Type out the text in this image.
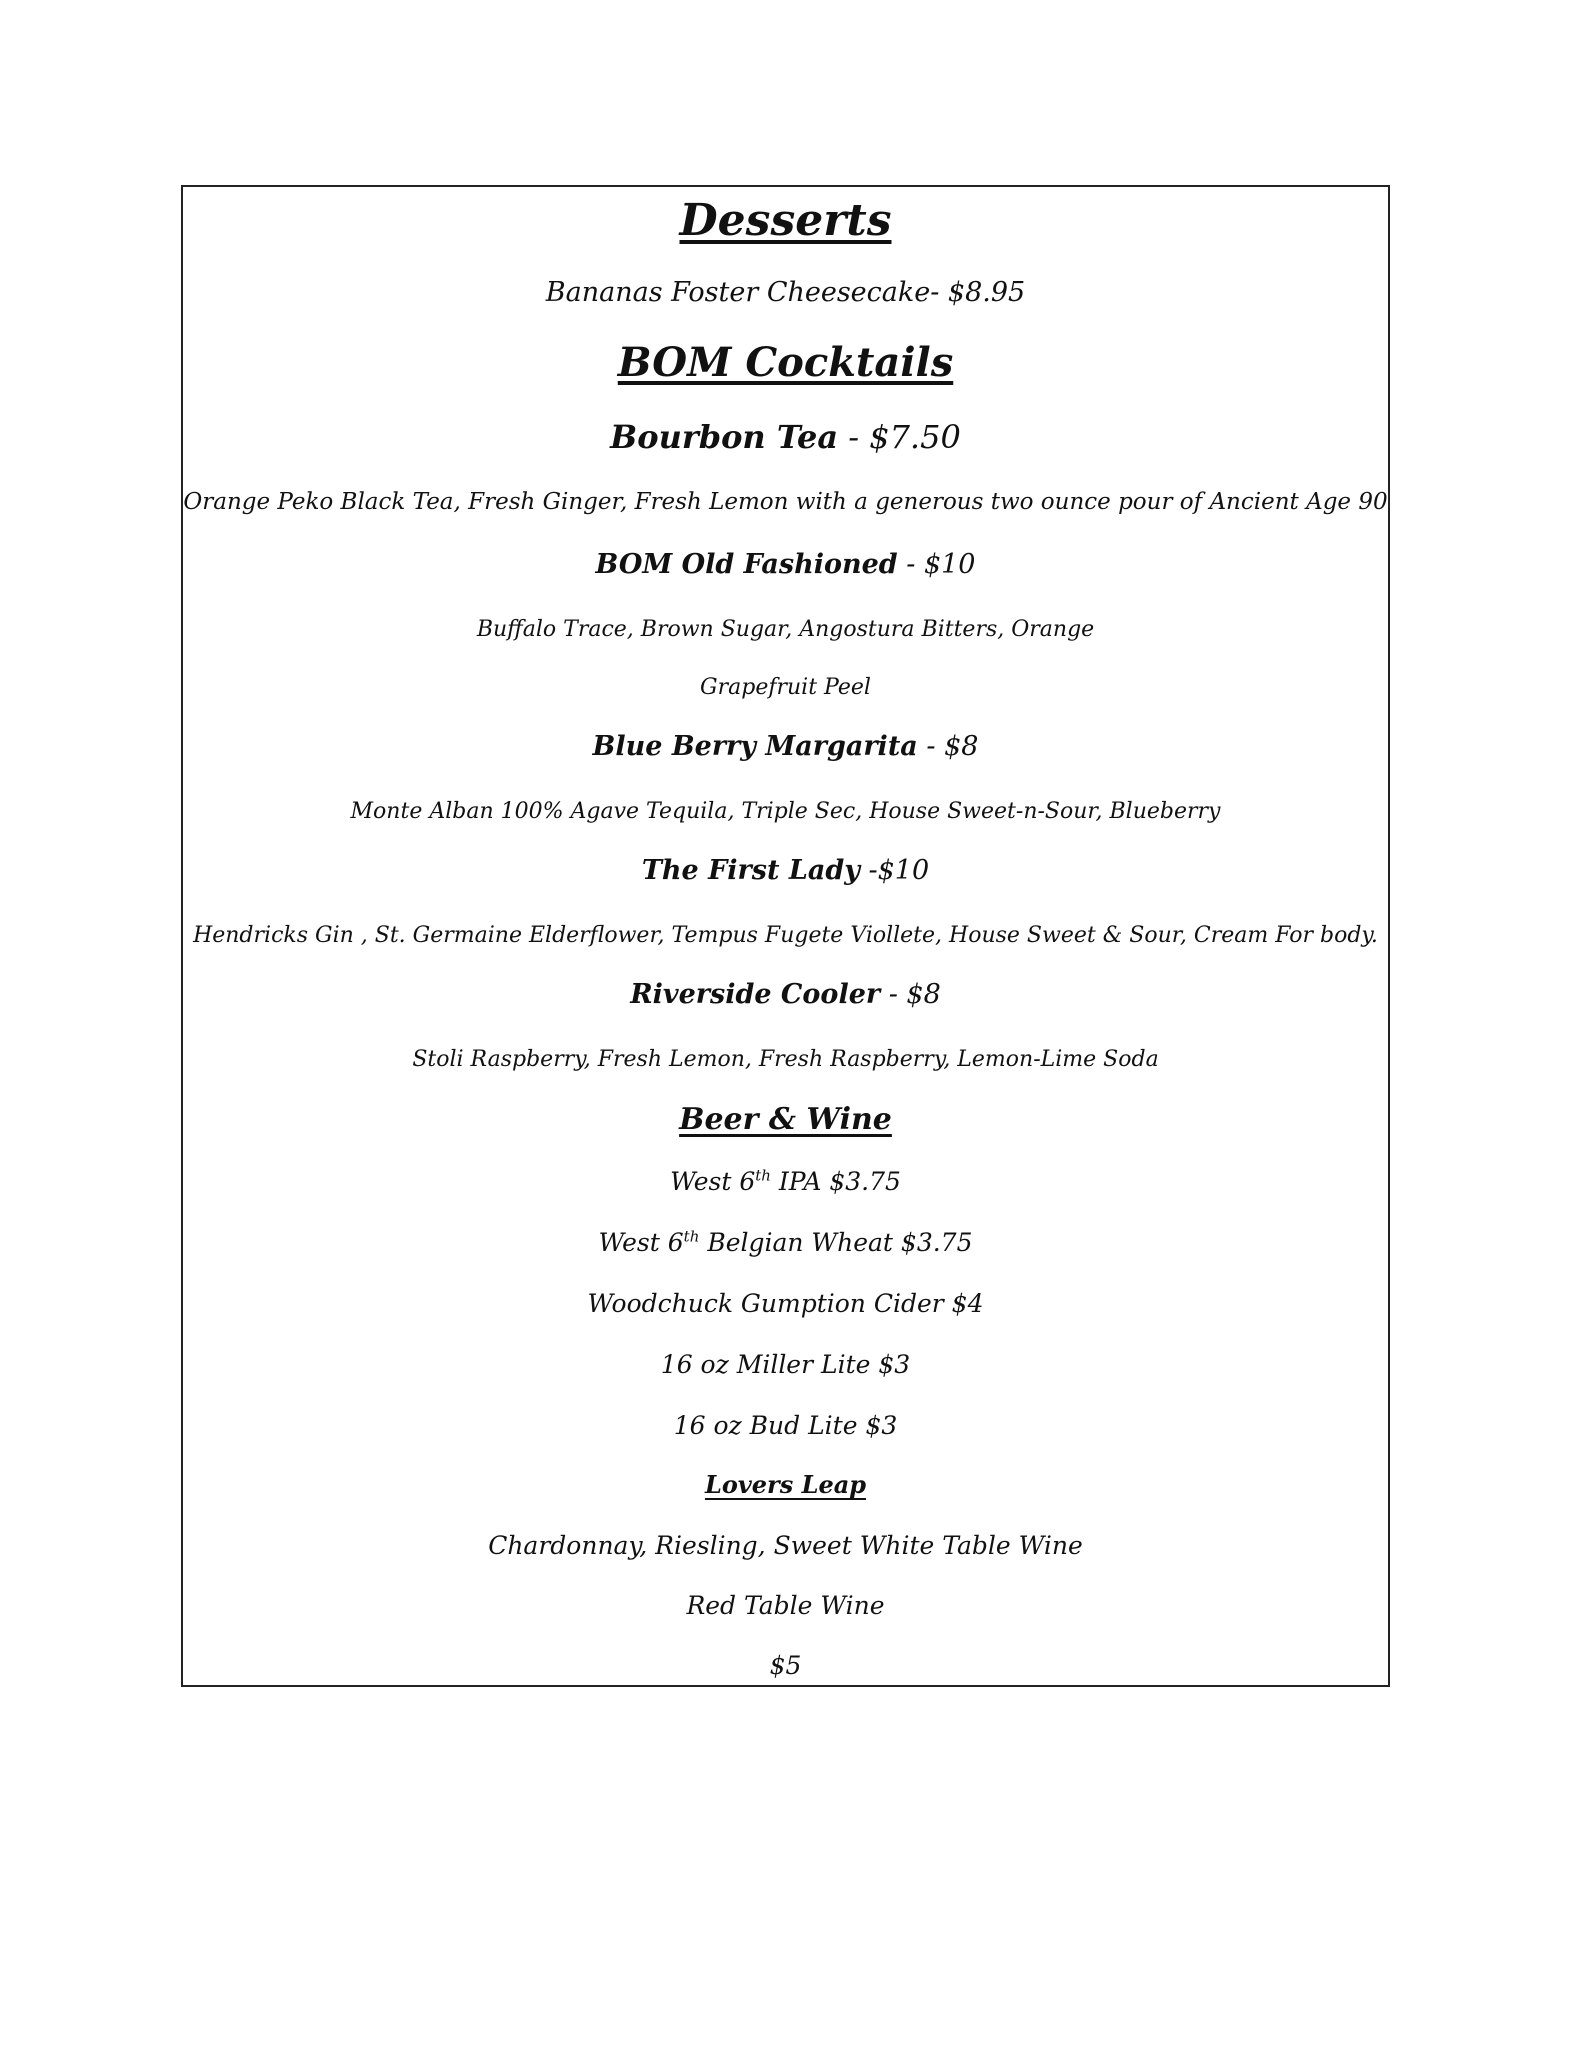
Desserts
Bananas Foster Cheesecake- $8.95
BOM Cocktails
Bourbon Tea - $7.50
Orange Peko Black Tea, Fresh Ginger, Fresh Lemon with a generous two ounce pour of Ancient Age 90
BOM Old Fashioned - $10
Buffalo Trace, Brown Sugar, Angostura Bitters, Orange
Grapefruit Peel
Blue Berry Margarita - $8
Monte Alban 100% Agave Tequila, Triple Sec, House Sweet-n-Sour, Blueberry
The First Lady -$10
Hendricks Gin , St. Germaine Elderflower, Tempus Fugete Viollete, House Sweet & Sour, Cream For body.
Riverside Cooler - $8
Stoli Raspberry, Fresh Lemon, Fresh Raspberry, Lemon-Lime Soda
Beer & Wine
West 6th IPA $3.75
West 6th Belgian Wheat $3.75
Woodchuck Gumption Cider $4
16 oz Miller Lite $3
16 oz Bud Lite $3
Lovers Leap
Chardonnay, Riesling, Sweet White Table Wine
Red Table Wine
$5
